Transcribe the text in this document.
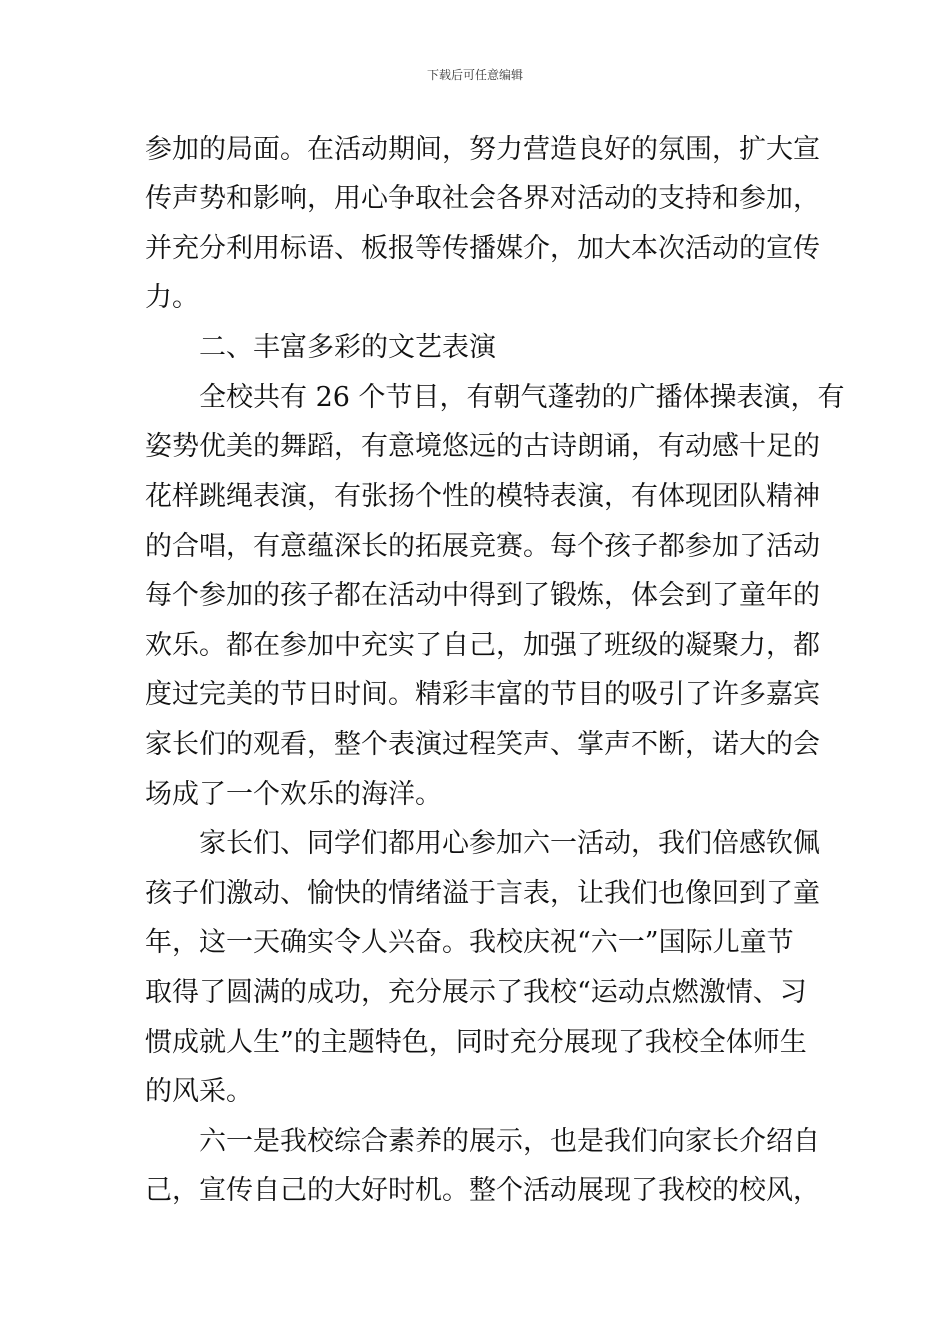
下载后可任意编辑
参加的局面。在活动期间，努力营造良好的氛围，扩大宣
传声势和影响，用心争取社会各界对活动的支持和参加，
并充分利用标语、板报等传播媒介，加大本次活动的宣传
力。
　　二、丰富多彩的文艺表演
　　全校共有 26 个节目，有朝气蓬勃的广播体操表演，有
姿势优美的舞蹈，有意境悠远的古诗朗诵，有动感十足的
花样跳绳表演，有张扬个性的模特表演，有体现团队精神
的合唱，有意蕴深长的拓展竞赛。每个孩子都参加了活动
每个参加的孩子都在活动中得到了锻炼，体会到了童年的
欢乐。都在参加中充实了自己，加强了班级的凝聚力，都
度过完美的节日时间。精彩丰富的节目的吸引了许多嘉宾
家长们的观看，整个表演过程笑声、掌声不断，诺大的会
场成了一个欢乐的海洋。
　　家长们、同学们都用心参加六一活动，我们倍感钦佩
孩子们激动、愉快的情绪溢于言表，让我们也像回到了童
年，这一天确实令人兴奋。我校庆祝“六一”国际儿童节
取得了圆满的成功，充分展示了我校“运动点燃激情、习
惯成就人生”的主题特色，同时充分展现了我校全体师生
的风采。
　　六一是我校综合素养的展示，也是我们向家长介绍自
己，宣传自己的大好时机。整个活动展现了我校的校风，
